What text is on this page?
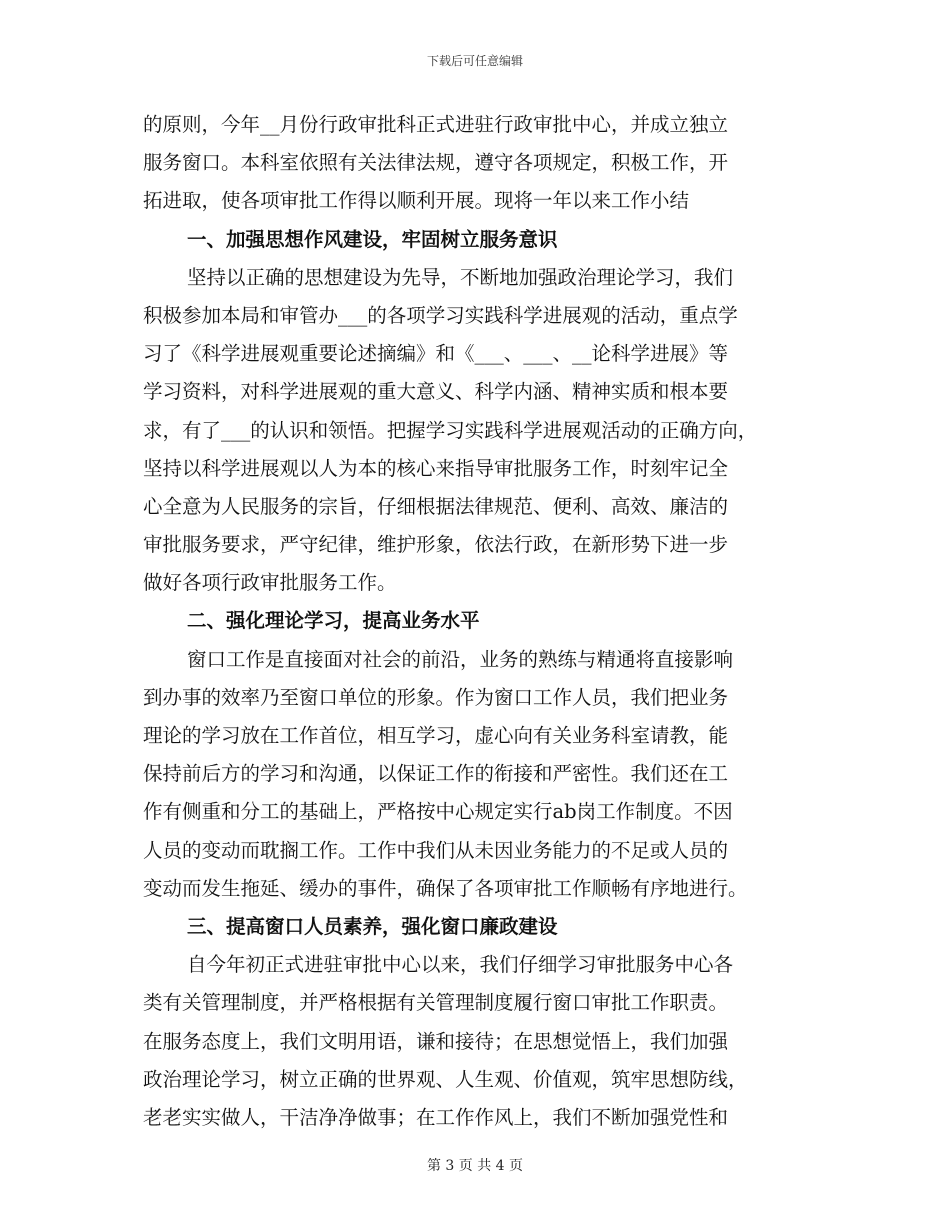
下载后可任意编辑
的原则，今年__月份行政审批科正式进驻行政审批中心，并成立独立
服务窗口。本科室依照有关法律法规，遵守各项规定，积极工作，开
拓进取，使各项审批工作得以顺利开展。现将一年以来工作小结
一、加强思想作风建设，牢固树立服务意识
坚持以正确的思想建设为先导，不断地加强政治理论学习，我们
积极参加本局和审管办___的各项学习实践科学进展观的活动，重点学
习了《科学进展观重要论述摘编》和《___、___、__论科学进展》等
学习资料，对科学进展观的重大意义、科学内涵、精神实质和根本要
求，有了___的认识和领悟。把握学习实践科学进展观活动的正确方向，
坚持以科学进展观以人为本的核心来指导审批服务工作，时刻牢记全
心全意为人民服务的宗旨，仔细根据法律规范、便利、高效、廉洁的
审批服务要求，严守纪律，维护形象，依法行政，在新形势下进一步
做好各项行政审批服务工作。
二、强化理论学习，提高业务水平
窗口工作是直接面对社会的前沿，业务的熟练与精通将直接影响
到办事的效率乃至窗口单位的形象。作为窗口工作人员，我们把业务
理论的学习放在工作首位，相互学习，虚心向有关业务科室请教，能
保持前后方的学习和沟通，以保证工作的衔接和严密性。我们还在工
作有侧重和分工的基础上，严格按中心规定实行ab岗工作制度。不因
人员的变动而耽搁工作。工作中我们从未因业务能力的不足或人员的
变动而发生拖延、缓办的事件，确保了各项审批工作顺畅有序地进行。
三、提高窗口人员素养，强化窗口廉政建设
自今年初正式进驻审批中心以来，我们仔细学习审批服务中心各
类有关管理制度，并严格根据有关管理制度履行窗口审批工作职责。
在服务态度上，我们文明用语，谦和接待；在思想觉悟上，我们加强
政治理论学习，树立正确的世界观、人生观、价值观，筑牢思想防线，
老老实实做人，干洁净净做事；在工作作风上，我们不断加强党性和
第 3 页 共 4 页
